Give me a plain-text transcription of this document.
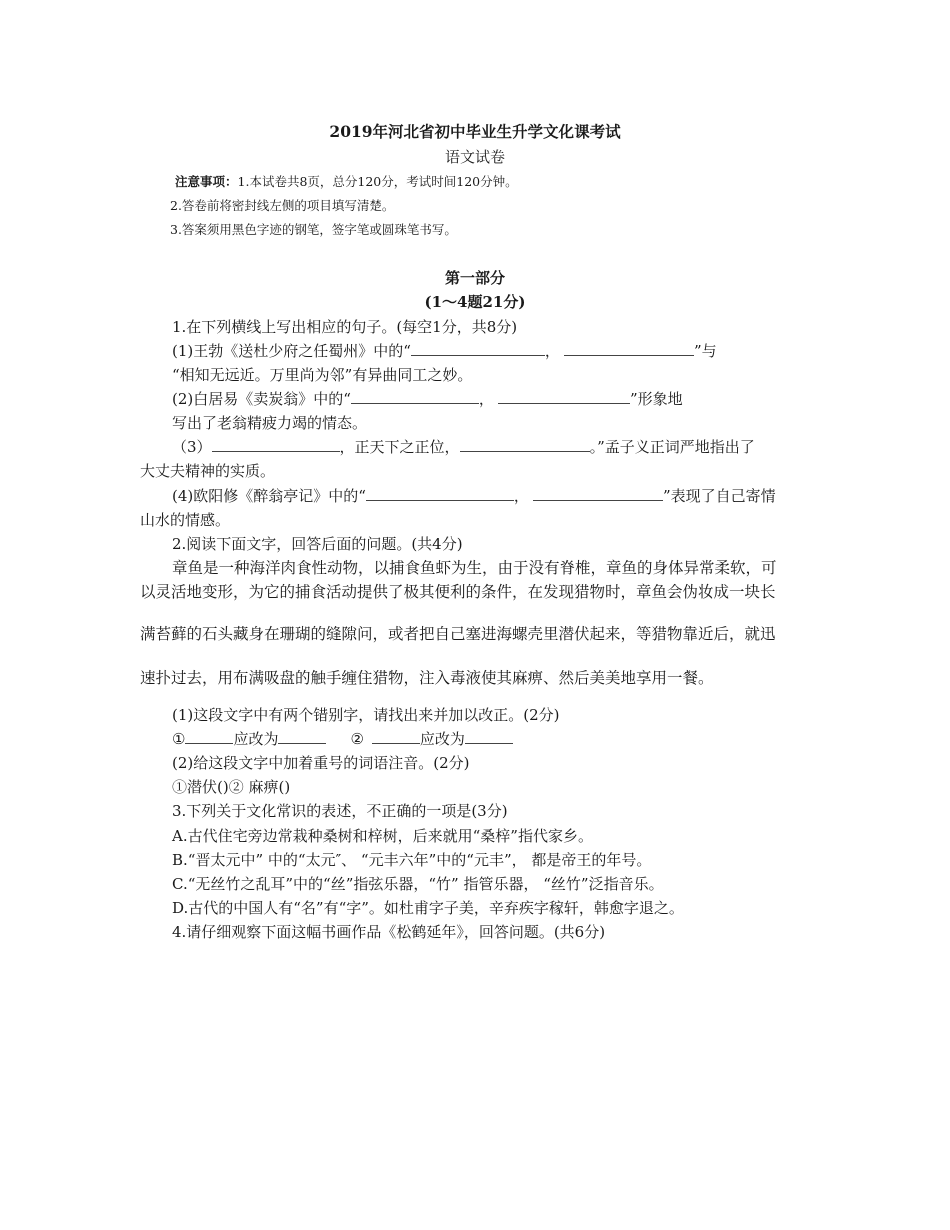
2019年河北省初中毕业生升学文化课考试
语文试卷
注意事项：1.本试卷共8页，总分120分，考试时间120分钟。
2.答卷前将密封线左侧的项目填写清楚。
3.答案须用黑色字迹的钢笔，签字笔或圆珠笔书写。
第一部分
(1～4题21分)
1.在下列横线上写出相应的句子。(每空1分，共8分)
(1)王勃《送杜少府之任蜀州》中的“	，	”与
“相知无远近。万里尚为邻”有异曲同工之妙。
(2)白居易《卖炭翁》中的“	，	”形象地
写出了老翁精疲力竭的情态。
（3）	，正天下之正位，	。”孟子义正词严地指出了
大丈夫精神的实质。
(4)欧阳修《醉翁亭记》中的“	，	”表现了自己寄情
山水的情感。
2.阅读下面文字，回答后面的问题。(共4分)
章鱼是一种海洋肉食性动物，以捕食鱼虾为生，由于没有脊椎，章鱼的身体异常柔软，可
以灵活地变形，为它的捕食活动提供了极其便利的条件，在发现猎物时，章鱼会伪妆成一块长
满苔藓的石头藏身在珊瑚的缝隙问，或者把自己塞进海螺壳里潜伏起来，等猎物靠近后，就迅
速扑过去，用布满吸盘的触手缠住猎物，注入毒液使其麻痹、然后美美地享用一餐。
(1)这段文字中有两个错别字，请找出来并加以改正。(2分)
①	应改为	②	应改为
(2)给这段文字中加着重号的词语注音。(2分)
①潜伏()② 麻痹()
3.下列关于文化常识的表述，不正确的一项是(3分)
A.古代住宅旁边常栽种桑树和梓树，后来就用“桑梓”指代家乡。
B.“晋太元中” 中的“太元″、 “元丰六年”中的“元丰”， 都是帝王的年号。
C.“无丝竹之乱耳”中的“丝”指弦乐器，“竹” 指管乐器， “丝竹”泛指音乐。
D.古代的中国人有“名”有“字”。如杜甫字子美，辛弃疾字稼轩，韩愈字退之。
4.请仔细观察下面这幅书画作品《松鹤延年》，回答问题。(共6分)
